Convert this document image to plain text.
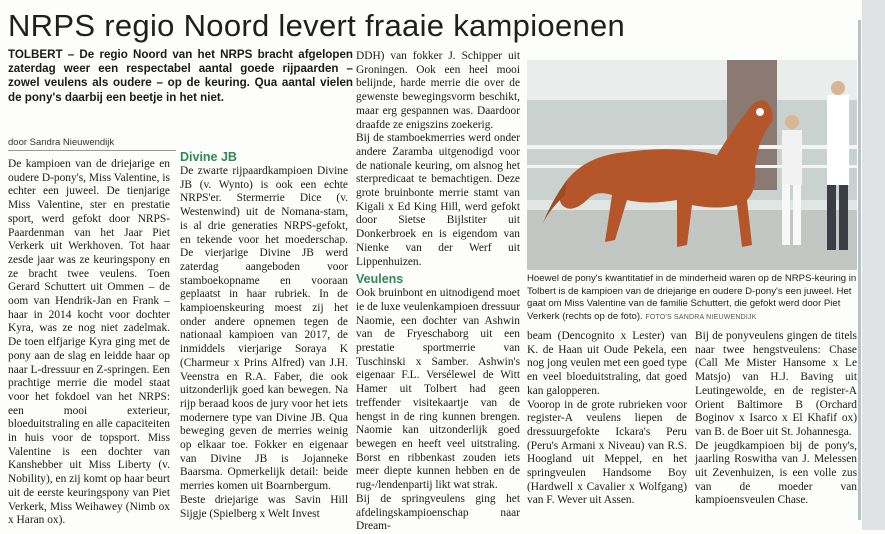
NRPS regio Noord levert fraaie kampioenen
TOLBERT – De regio Noord van het NRPS bracht afgelopen zaterdag weer een respectabel aantal goede rijpaarden – zowel veulens als oudere – op de keuring. Qua aantal vielen de pony's daarbij een beetje in het niet.
door Sandra Nieuwendijk

De kampioen van de driejarige en oudere D-pony's, Miss Valentine, is echter een juweel. De tienjarige Miss Valentine, ster en prestatie sport, werd gefokt door NRPS-Paardenman van het Jaar Piet Verkerk uit Werkhoven. Tot haar zesde jaar was ze keuringspony en ze bracht twee veulens. Toen Gerard Schuttert uit Ommen – de oom van Hendrik-Jan en Frank – haar in 2014 kocht voor dochter Kyra, was ze nog niet zadelmak. De toen elfjarige Kyra ging met de pony aan de slag en leidde haar op naar L-dressuur en Z-springen. Een prachtige merrie die model staat voor het fokdoel van het NRPS: een mooi exterieur, bloeduitstraling en alle capaciteiten in huis voor de topsport. Miss Valentine is een dochter van Kanshebber uit Miss Liberty (v. Nobility), en zij komt op haar beurt uit de eerste keuringspony van Piet Verkerk, Miss Weihawey (Nimb ox x Haran ox).

Divine JB

De zwarte rijpaardkampioen Divine JB (v. Wynto) is ook een echte NRPS'er. Stermerrie Dice (v. Westenwind) uit de Nomana-stam, is al drie generaties NRPS-gefokt, en tekende voor het moederschap. De vierjarige Divine JB werd zaterdag aangeboden voor stamboekopname en vooraan geplaatst in haar rubriek. In de kampioenskeuring moest zij het onder andere opnemen tegen de nationaal kampioen van 2017, de inmiddels vierjarige Soraya K (Charmeur x Prins Alfred) van J.H. Veenstra en R.A. Faber, die ook uitzonderlijk goed kan bewegen. Na rijp beraad koos de jury voor het iets modernere type van Divine JB. Qua beweging geven de merries weinig op elkaar toe. Fokker en eigenaar van Divine JB is Jojanneke Baarsma. Opmerkelijk detail: beide merries komen uit Boarnbergum.

Beste driejarige was Savin Hill Sijgje (Spielberg x Welt Invest

DDH) van fokker J. Schipper uit Groningen. Ook een heel mooi belijnde, harde merrie die over de gewenste bewegingsvorm beschikt, maar erg gespannen was. Daardoor draafde ze enigszins zoekerig.

Bij de stamboekmerries werd onder andere Zaramba uitgenodigd voor de nationale keuring, om alsnog het sterpredicaat te bemachtigen. Deze grote bruinbonte merrie stamt van Kigali x Ed King Hill, werd gefokt door Sietse Bijlstiter uit Donkerbroek en is eigendom van Nienke van der Werf uit Lippenhuizen.

Veulens

Ook bruinbont en uitnodigend moet ie de luxe veulenkampioen dressuur Naomie, een dochter van Ashwin van de Fryeschaborg uit een prestatie sportmerrie van Tuschinski x Samber. Ashwin's eigenaar F.L. Versélewel de Witt Hamer uit Tolbert had geen treffender visitekaartje van de hengst in de ring kunnen brengen. Naomie kan uitzonderlijk goed bewegen en heeft veel uitstraling. Borst en ribbenkast zouden iets meer diepte kunnen hebben en de rug-/lendenpartij likt wat strak.

Bij de springveulens ging het afdelingskampioenschap naar Dream-

Hoewel de pony's kwantitatief in de minderheid waren op de NRPS-keuring in Tolbert is de kampioen van de driejarige en oudere D-pony's een juweel. Het gaat om Miss Valentine van de familie Schuttert, die gefokt werd door Piet Verkerk (rechts op de foto). FOTO'S SANDRA NIEUWENDIJK

beam (Dencognito x Lester) van K. de Haan uit Oude Pekela, een nog jong veulen met een goed type en veel bloeduitstraling, dat goed kan galopperen.

Voorop in de grote rubrieken voor register-A veulens liepen de dressuurgefokte Ickara's Peru (Peru's Armani x Niveau) van R.S. Hoogland uit Meppel, en het springveulen Handsome Boy (Hardwell x Cavalier x Wolfgang) van F. Wever uit Assen.

Bij de ponyveulens gingen de titels naar twee hengstveulens: Chase (Call Me Mister Hansome x Le Matsjo) van H.J. Baving uit Leutingewolde, en de register-A Orient Baltimore B (Orchard Boginov x Isarco x El Khafif ox) van B. de Boer uit St. Johannesga.

De jeugdkampioen bij de pony's, jaarling Roswitha van J. Melessen uit Zevenhuizen, is een volle zus van de moeder van kampioensveulen Chase.
